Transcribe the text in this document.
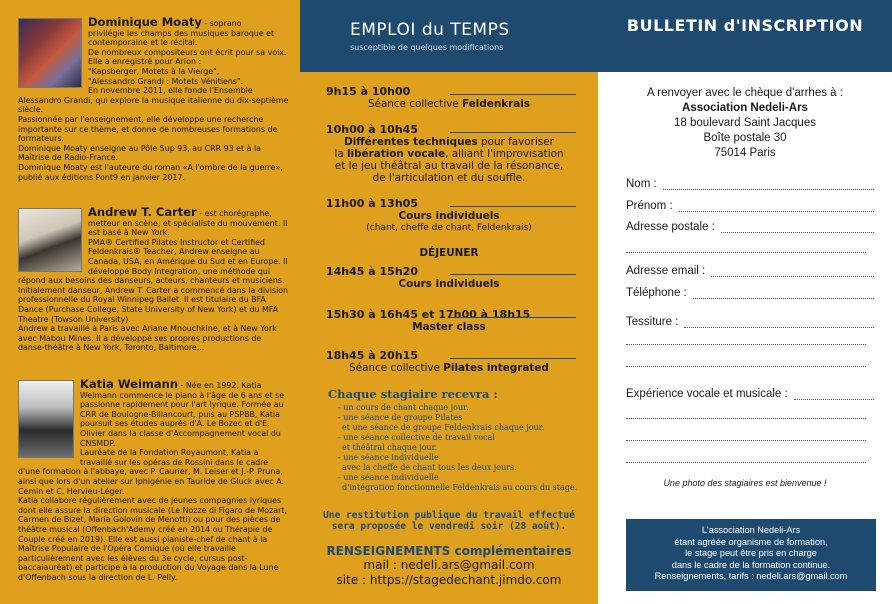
Dominique Moaty - soprano

privilégie les champs des musiques baroque et contemporaine et le récital.
De nombreux compositeurs ont écrit pour sa voix.
Elle a enregistré pour Arion :
"Kapsberger, Motets à la Vierge",
"Alessandro Grandi : Motets Vénitiens".
En novembre 2011, elle fonde l'Ensemble Alessandro Grandi, qui explore la musique italienne du dix-septième siècle.
Passionnée par l'enseignement, elle développe une recherche importante sur ce thème, et donne de nombreuses formations de formateurs.
Dominique Moaty enseigne au Pôle Sup 93, au CRR 93 et à la Maîtrise de Radio-France.
Dominique Moaty est l'auteure du roman «A l'ombre de la guerre», publié aux éditions Pont9 en janvier 2017.

Andrew T. Carter - est chorégraphe,

metteur en scène, et spécialiste du mouvement. Il est basé à New York.
PMA® Certified Pilates Instructor et Certified Feldenkrais® Teacher, Andrew enseigne au Canada, USA, en Amérique du Sud et en Europe. Il développé Body Integration, une méthode qui répond aux besoins des danseurs, acteurs, chanteurs et musiciens.
Initialement danseur, Andrew T. Carter a commencé dans la division professionnelle du Royal Winnipeg Ballet. Il est titulaire du BFA Dance (Purchase College, State University of New York) et du MFA Theatre (Towson University).
Andrew a travaillé à Paris avec Ariane Mnouchkine, et à New York avec Mabou Mines. Il a développé ses propres productions de danse-théâtre à New York, Toronto, Baltimore...

Katia Weimann - Née en 1992, Katia

Weimann commence le piano à l'âge de 6 ans et se passionne rapidement pour l'art lyrique. Formée au CRR de Boulogne-Billancourt, puis au PSPBB, Katia poursuit ses études auprès d'A. Le Bozec et d'E. Olivier dans la classe d'Accompagnement vocal du CNSMDP.
Lauréate de la Fondation Royaumont, Katia a travaillé sur les opéras de Rossini dans le cadre d'une formation à l'abbaye, avec P. Caurier, M. Leiser et J.-P. Pruna, ainsi que lors d'un atelier sur Iphigénie en Tauride de Gluck avec A. Cemin et C. Hervieu-Léger.
Katia collabore régulièrement avec de jeunes compagnies lyriques dont elle assure la direction musicale (Le Nozze di Figaro de Mozart, Carmen de Bizet, María Golovín de Menotti) ou pour des pièces de théâtre musical (Offenbach'Ademy créé en 2014 ou Thérapie de Couple créé en 2019). Elle est aussi pianiste-chef de chant à la Maîtrise Populaire de l'Opéra Comique (où elle travaille particulièrement avec les élèves du 3e cycle, cursus post-baccalauréat) et participe à la production du Voyage dans la Lune d'Offenbach sous la direction de L. Pelly.

EMPLOI du TEMPS
susceptible de quelques modifications
9h15 à 10h00
Séance collective Feldenkrais
10h00 à 10h45
Différentes techniques pour favoriser
la libération vocale, alliant l'improvisation
et le jeu théâtral au travail de la résonance,
de l'articulation et du souffle.
11h00 à 13h05
Cours individuels
(chant, cheffe de chant, Feldenkrais)
DÉJEUNER
14h45 à 15h20
Cours individuels
15h30 à 16h45 et 17h00 à 18h15
Master class
18h45 à 20h15
Séance collective Pilates integrated
Chaque stagiaire recevra :
- un cours de chant chaque jour.
- une séance de groupe Pilates
et une séance de groupe Feldenkrais chaque jour.
- une séance collective de travail vocal
et théâtral chaque jour.
- une séance individuelle
avec la cheffe de chant tous les deux jours.
- une séance individuelle
d'intégration fonctionnelle Feldenkrais au cours du stage.
Une restitution publique du travail effectué
sera proposée le vendredi soir (28 août).
RENSEIGNEMENTS complémentaires
mail : nedeli.ars@gmail.com
site : https://stagedechant.jimdo.com
BULLETIN d'INSCRIPTION
A renvoyer avec le chèque d'arrhes à :
Association Nedeli-Ars
18 boulevard Saint Jacques
Boîte postale 30
75014 Paris
Nom :
Prénom :
Adresse postale :
Adresse email :
Téléphone :
Tessiture :
Expérience vocale et musicale :
Une photo des stagiaires est bienvenue !

L'association Nedeli-Ars
étant agréée organisme de formation,
le stage peut être pris en charge
dans le cadre de la formation continue.
Renseignements, tarifs : nedeli.ars@gmail.com
